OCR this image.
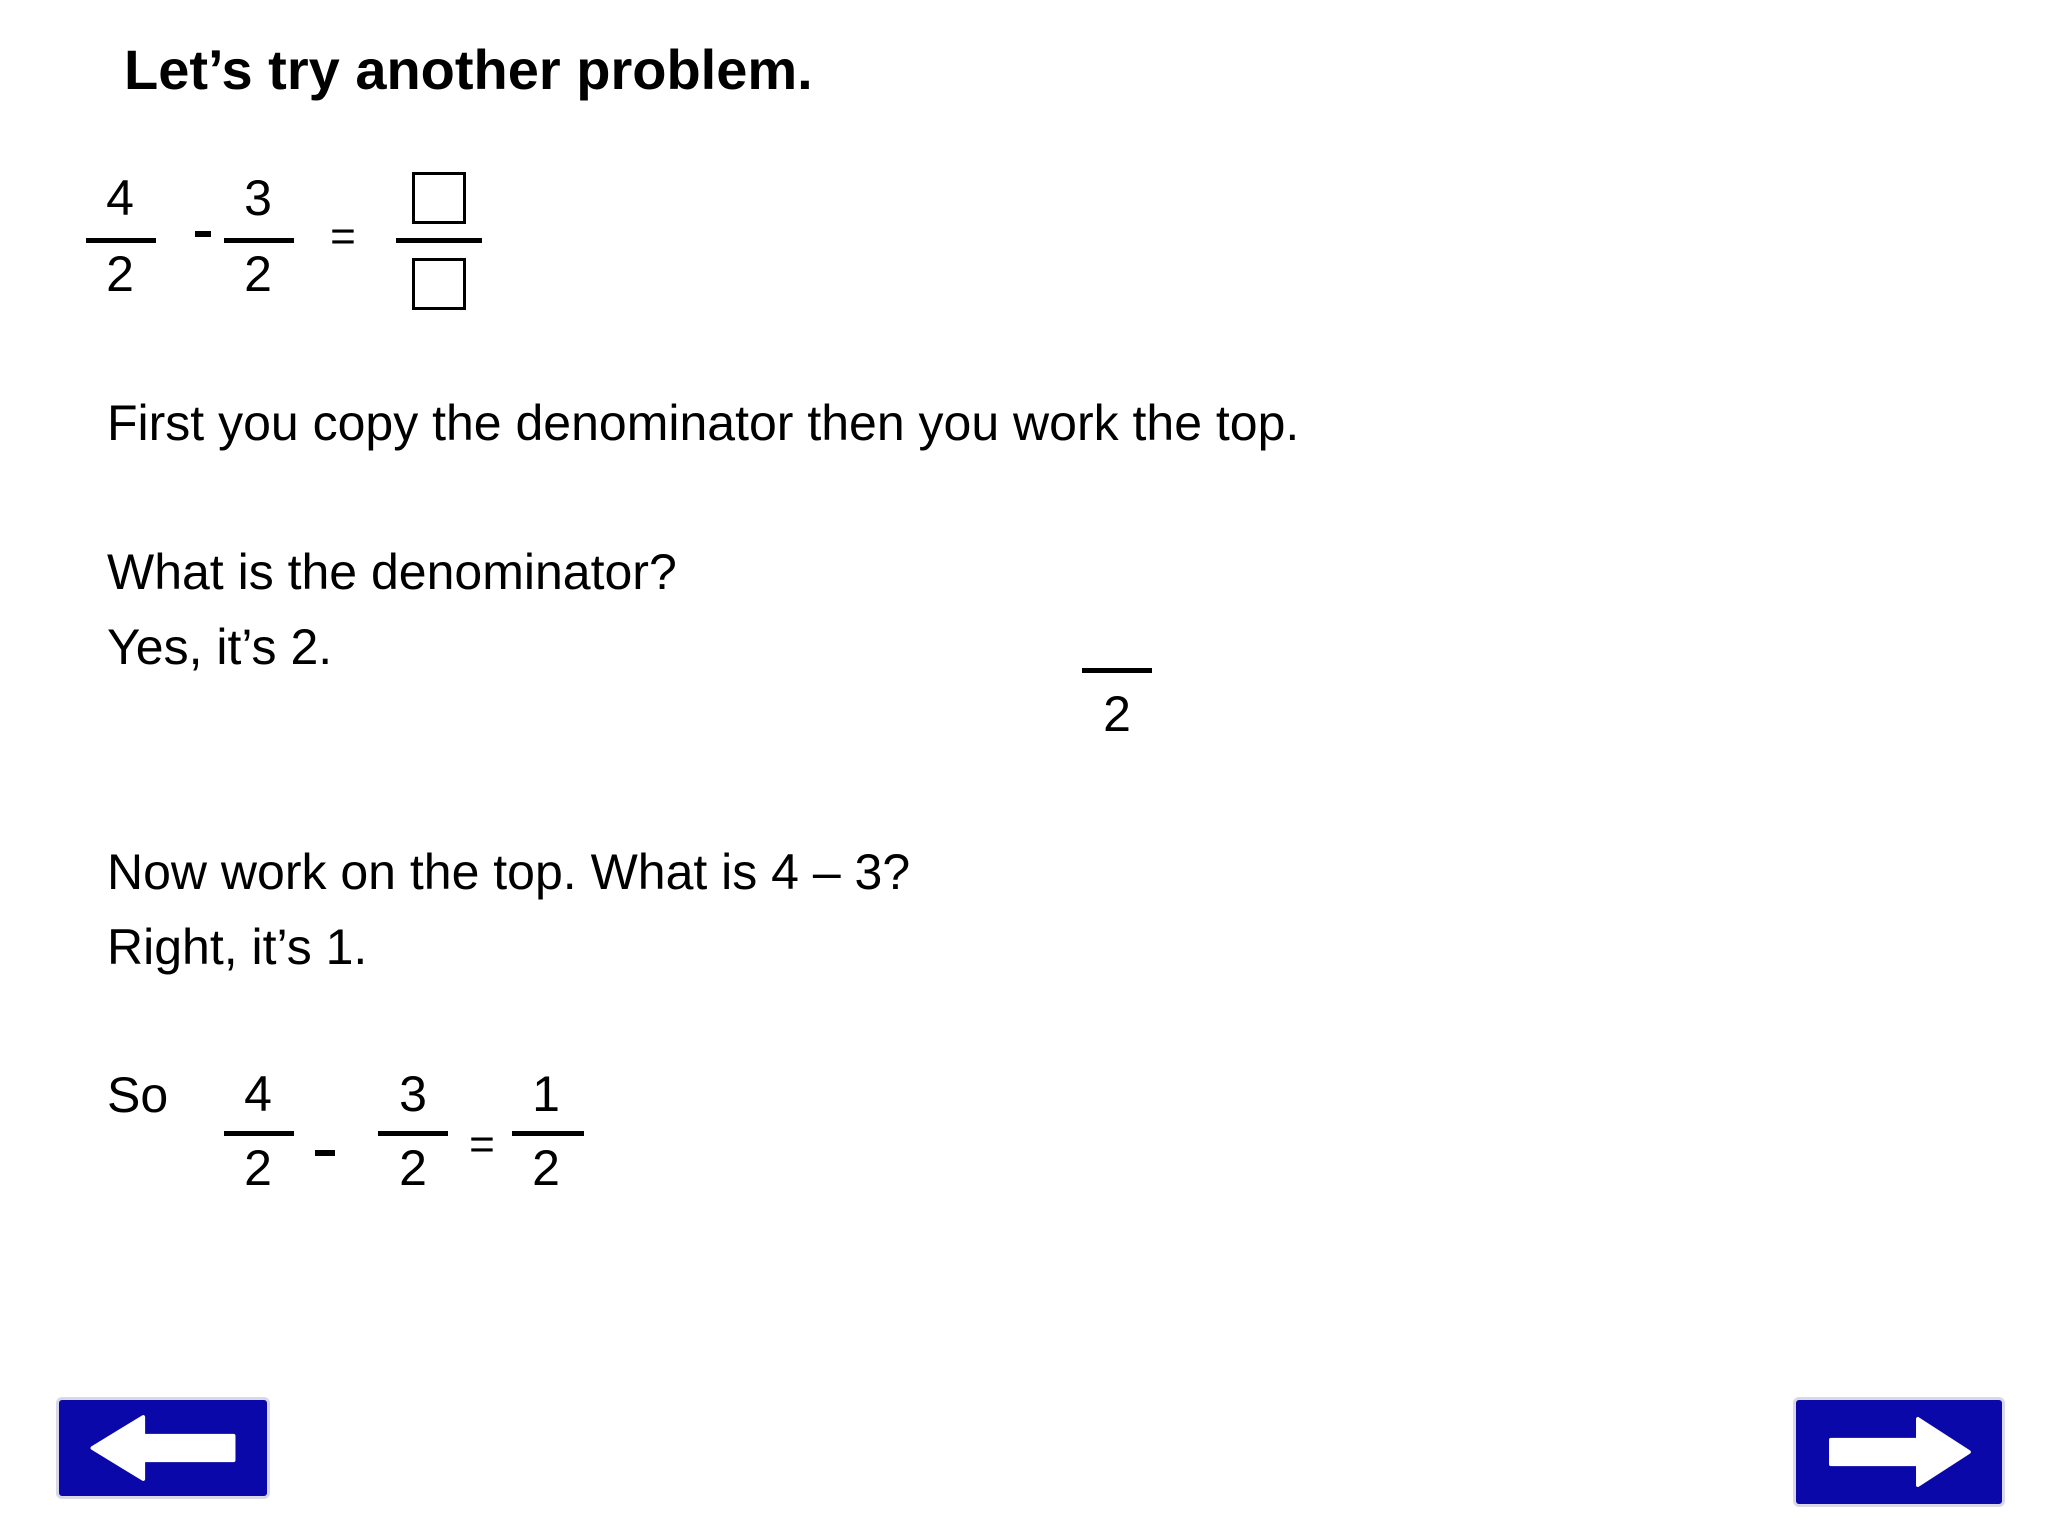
Let’s try another problem.
4
2
3
2
=
First you copy the denominator then you work the top.
What is the denominator?
Yes, it’s 2.
2
Now work on the top. What is 4 – 3?
Right, it’s 1.
So	4
2
3
2 =
1
2
